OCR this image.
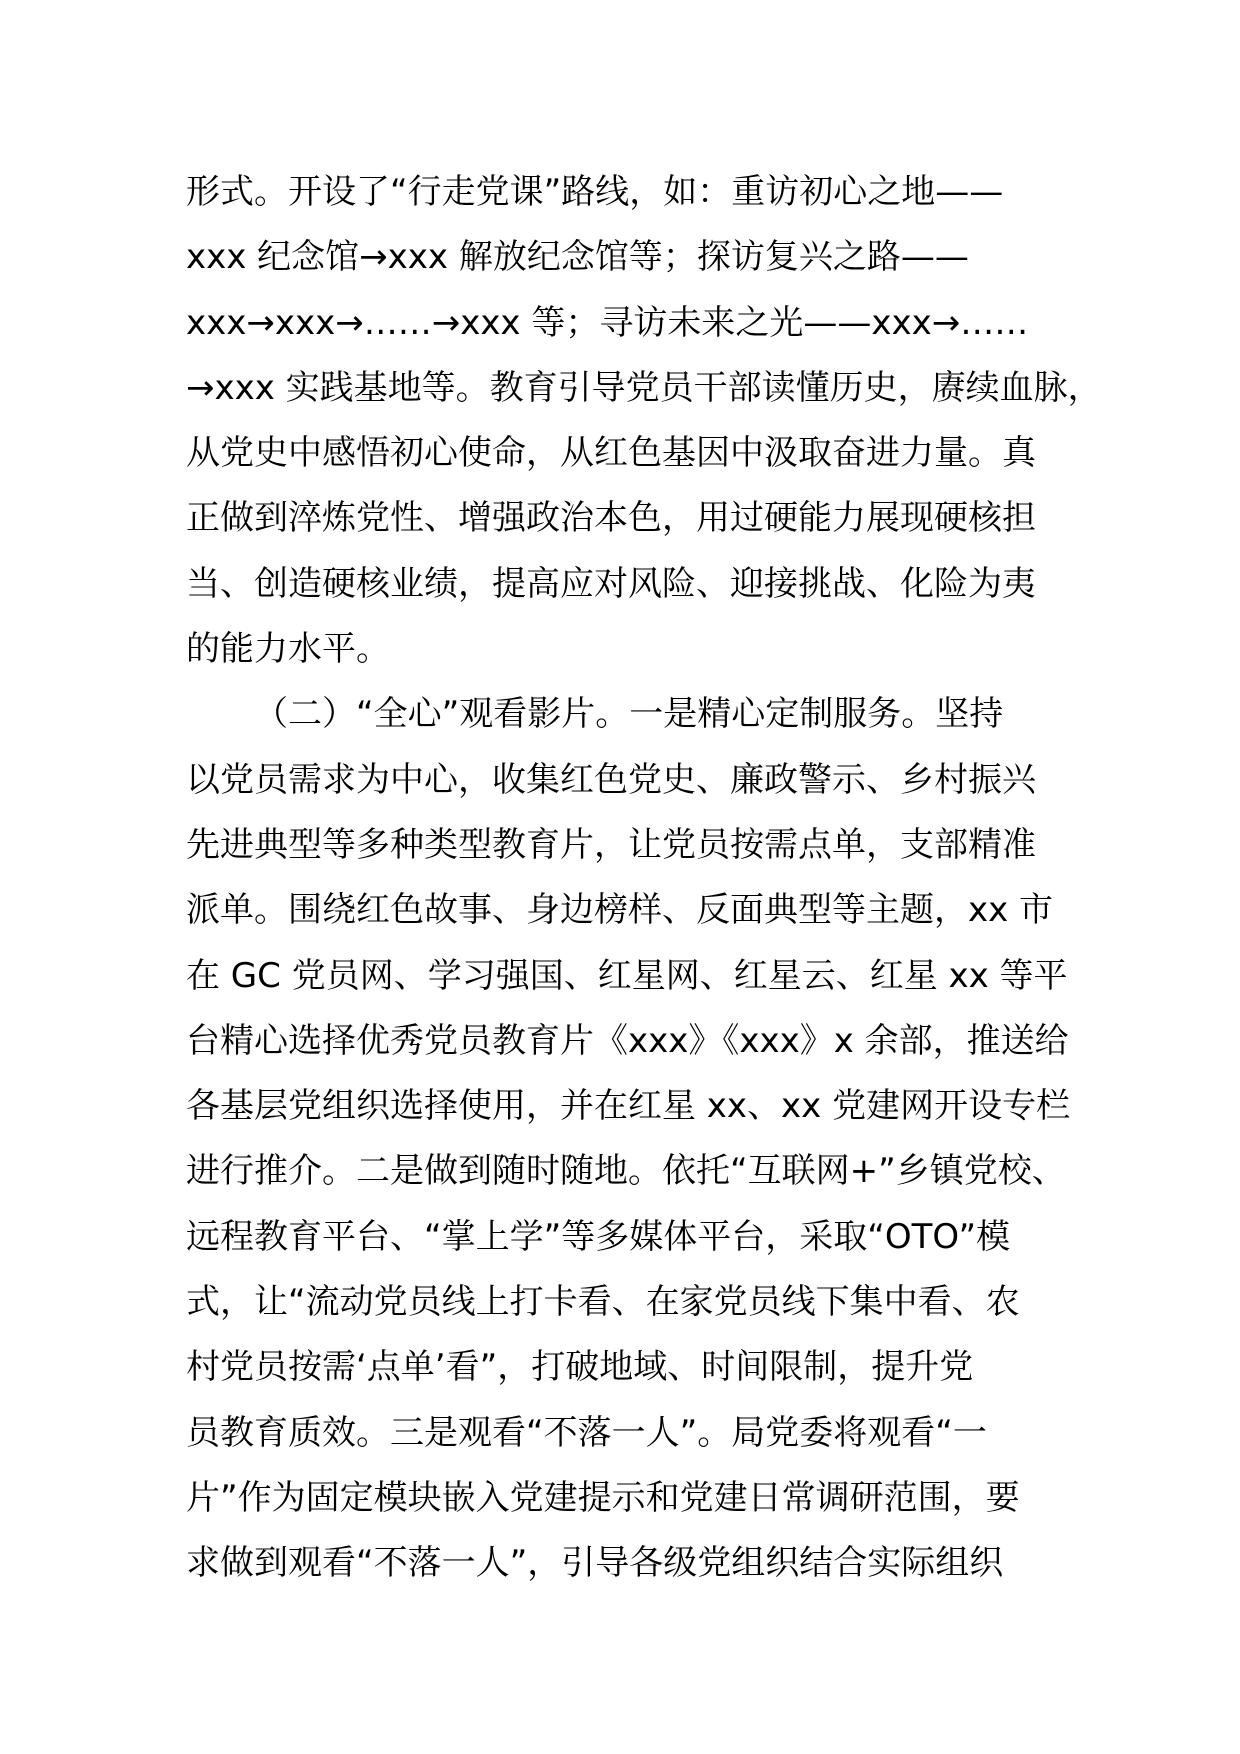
形式。开设了“行走党课”路线，如：重访初心之地——
xxx 纪念馆→xxx 解放纪念馆等；探访复兴之路——
xxx→xxx→……→xxx 等；寻访未来之光——xxx→……
→xxx 实践基地等。教育引导党员干部读懂历史，赓续血脉，
从党史中感悟初心使命，从红色基因中汲取奋进力量。真
正做到淬炼党性、增强政治本色，用过硬能力展现硬核担
当、创造硬核业绩，提高应对风险、迎接挑战、化险为夷
的能力水平。
（二）“全心”观看影片。一是精心定制服务。坚持
以党员需求为中心，收集红色党史、廉政警示、乡村振兴
先进典型等多种类型教育片，让党员按需点单，支部精准
派单。围绕红色故事、身边榜样、反面典型等主题，xx 市
在 GC 党员网、学习强国、红星网、红星云、红星 xx 等平
台精心选择优秀党员教育片《xxx》《xxx》x 余部，推送给
各基层党组织选择使用，并在红星 xx、xx 党建网开设专栏
进行推介。二是做到随时随地。依托“互联网+”乡镇党校、
远程教育平台、“掌上学”等多媒体平台，采取“OTO”模
式，让“流动党员线上打卡看、在家党员线下集中看、农
村党员按需‘点单’看”，打破地域、时间限制，提升党
员教育质效。三是观看“不落一人”。局党委将观看“一
片”作为固定模块嵌入党建提示和党建日常调研范围，要
求做到观看“不落一人”，引导各级党组织结合实际组织
